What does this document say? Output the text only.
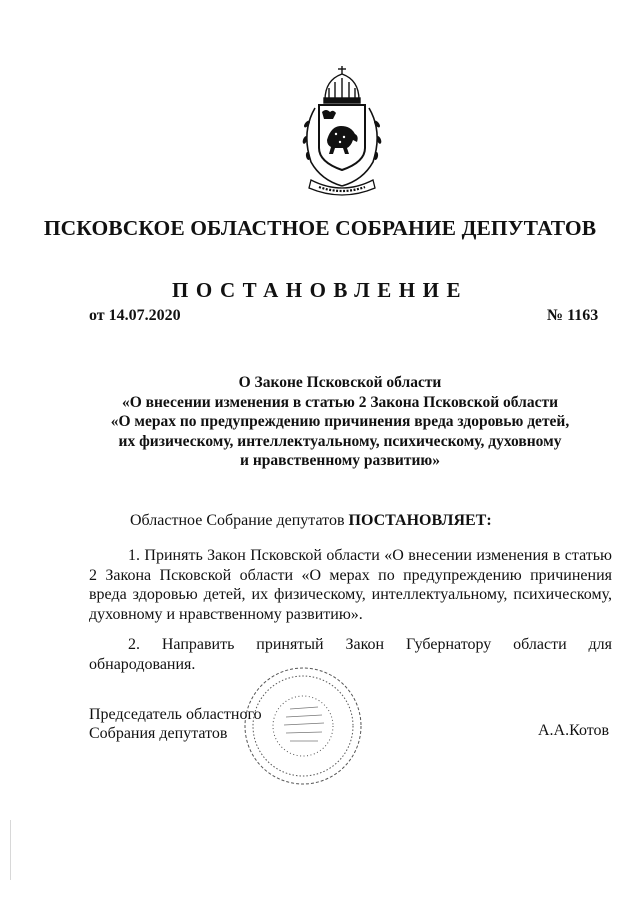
ПСКОВСКОЕ ОБЛАСТНОЕ СОБРАНИЕ ДЕПУТАТОВ
ПОСТАНОВЛЕНИЕ
от 14.07.2020	№ 1163
О Законе Псковской области
«О внесении изменения в статью 2 Закона Псковской области
«О мерах по предупреждению причинения вреда здоровью детей,
их физическому, интеллектуальному, психическому, духовному
и нравственному развитию»
Областное Собрание депутатов ПОСТАНОВЛЯЕТ:
1. Принять Закон Псковской области «О внесении изменения в статью 2 Закона Псковской области «О мерах по предупреждению причинения вреда здоровью детей, их физическому, интеллектуальному, психическому, духовному и нравственному развитию».
2. Направить принятый Закон Губернатору области для обнародования.
Председатель областного
Собрания депутатов	А.А.Котов
